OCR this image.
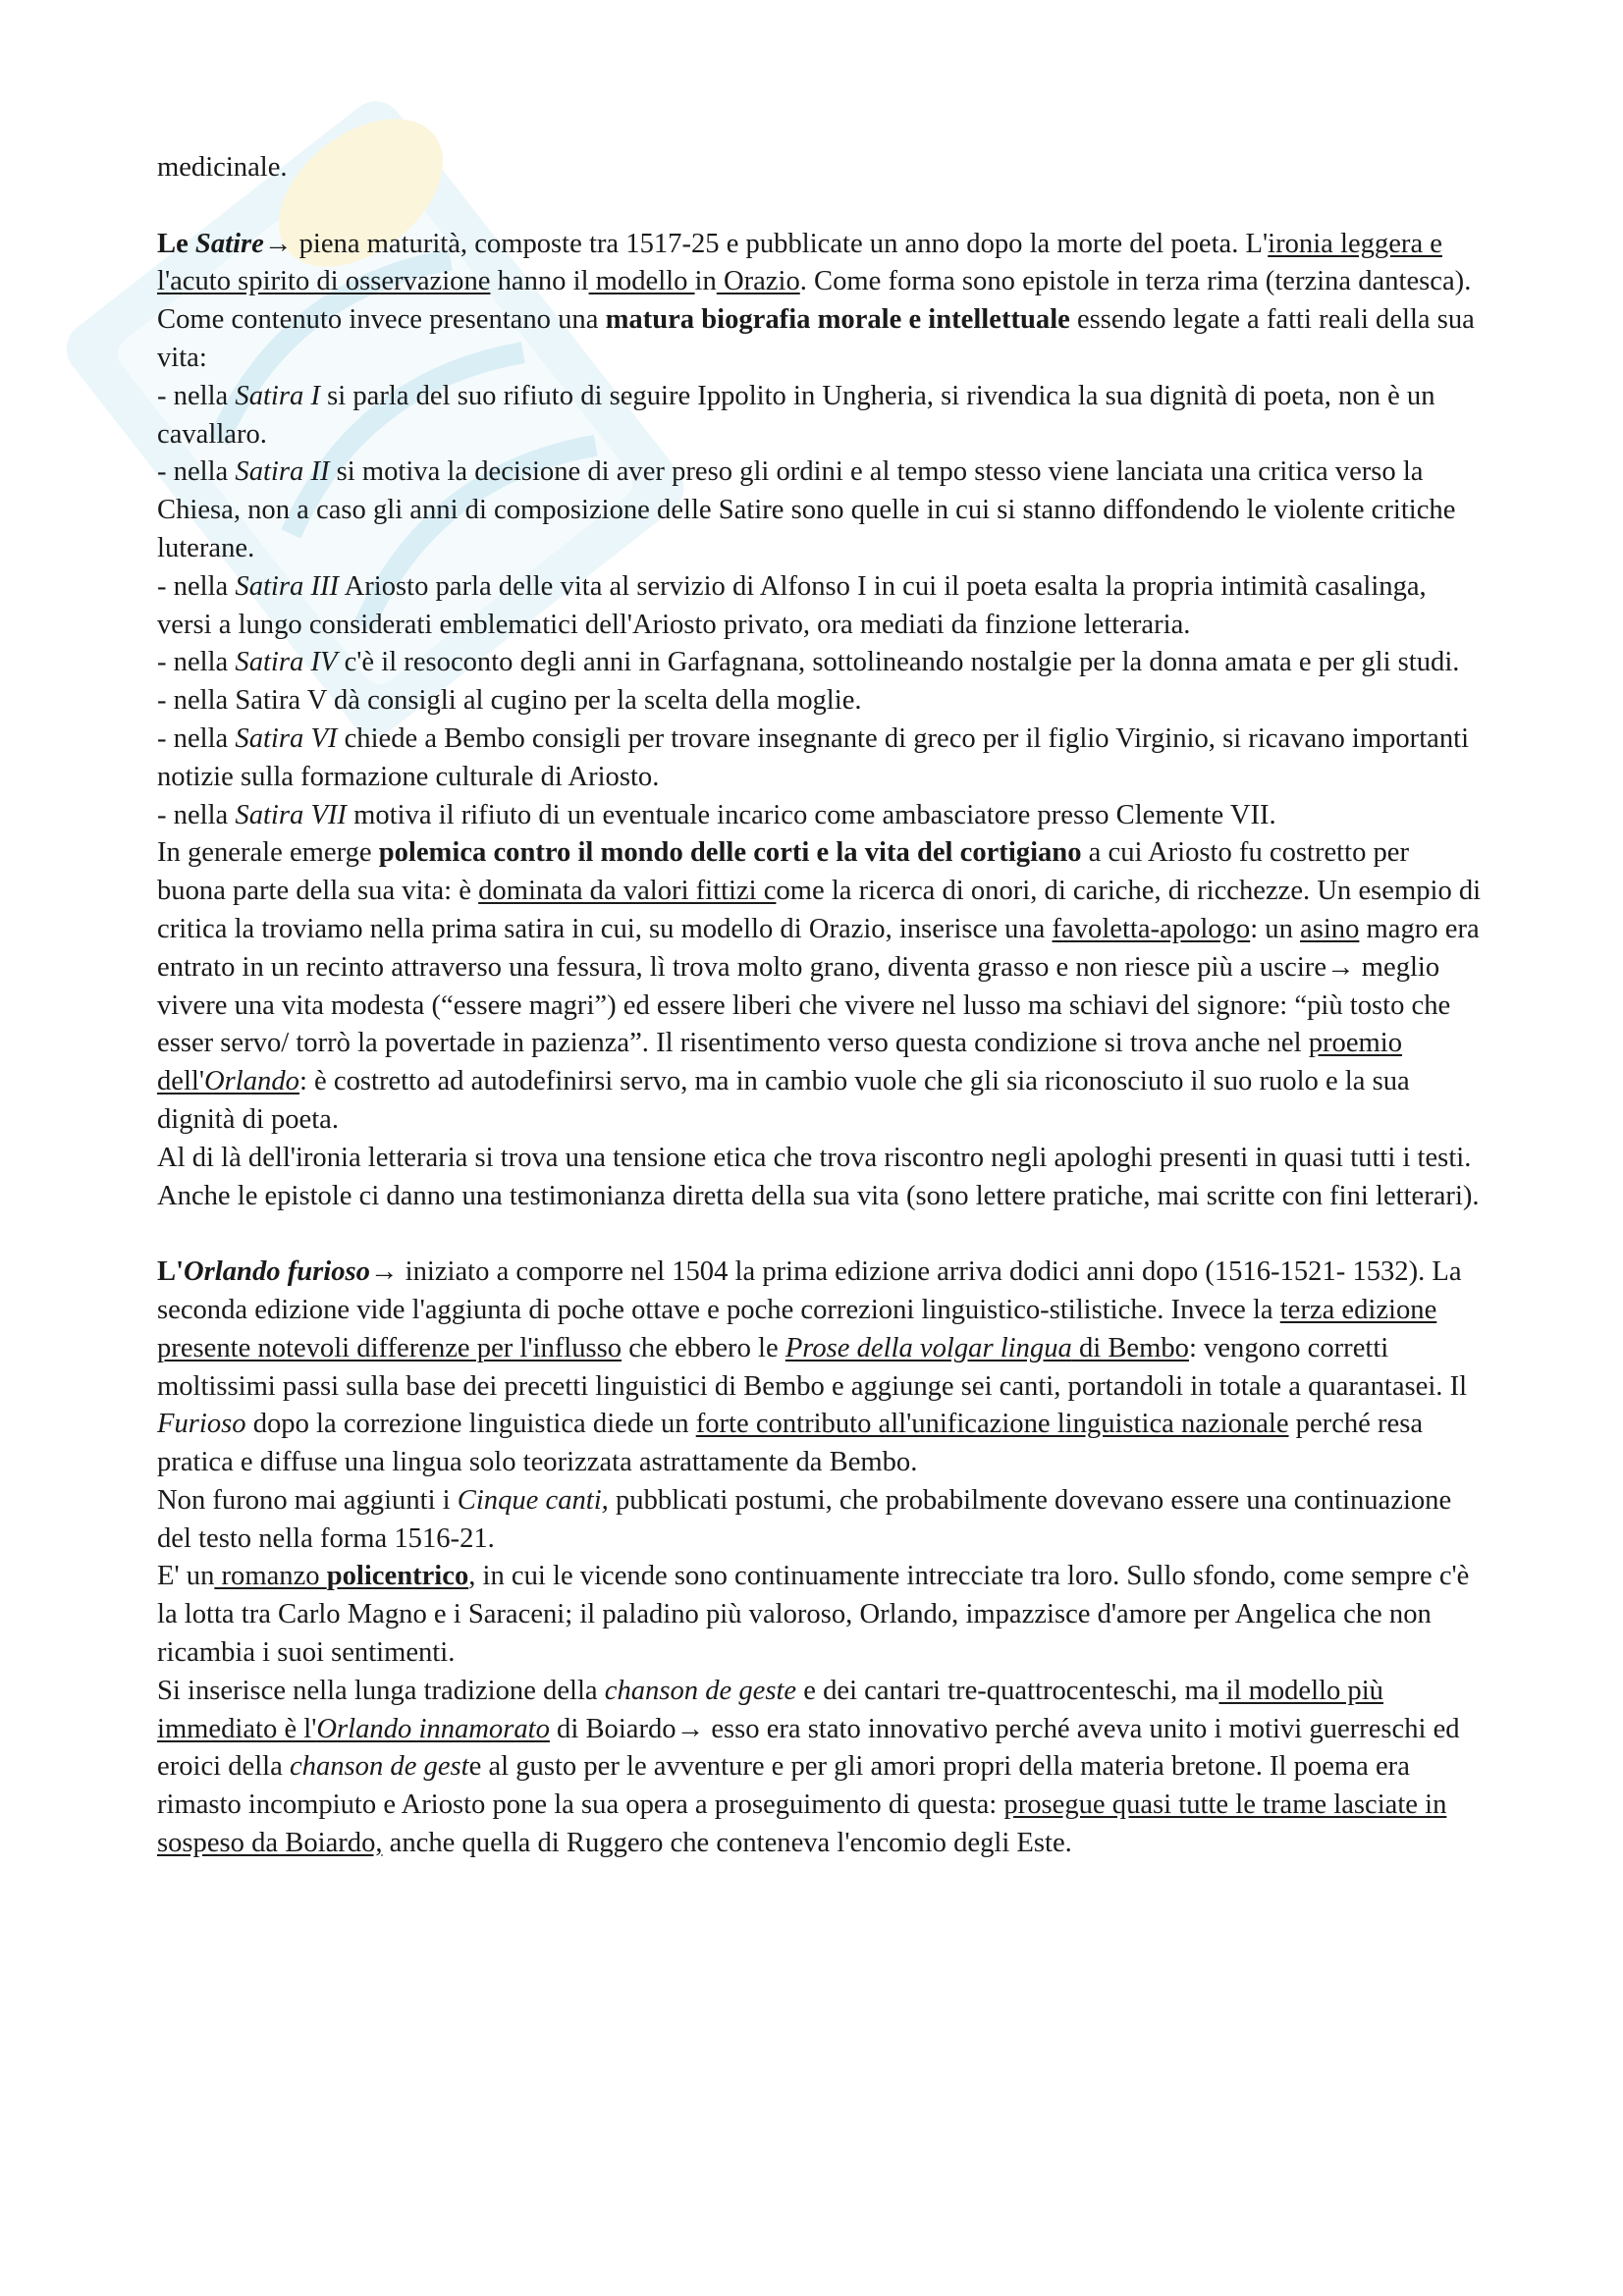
medicinale.

Le Satire→ piena maturità, composte tra 1517-25 e pubblicate un anno dopo la morte del poeta. L'ironia leggera e l'acuto spirito di osservazione hanno il modello in Orazio. Come forma sono epistole in terza rima (terzina dantesca). Come contenuto invece presentano una matura biografia morale e intellettuale essendo legate a fatti reali della sua vita:

- nella Satira I si parla del suo rifiuto di seguire Ippolito in Ungheria, si rivendica la sua dignità di poeta, non è un cavallaro.

- nella Satira II si motiva la decisione di aver preso gli ordini e al tempo stesso viene lanciata una critica verso la Chiesa, non a caso gli anni di composizione delle Satire sono quelle in cui si stanno diffondendo le violente critiche luterane.

- nella Satira III Ariosto parla delle vita al servizio di Alfonso I in cui il poeta esalta la propria intimità casalinga, versi a lungo considerati emblematici dell'Ariosto privato, ora mediati da finzione letteraria.

- nella Satira IV c'è il resoconto degli anni in Garfagnana, sottolineando nostalgie per la donna amata e per gli studi.

- nella Satira V dà consigli al cugino per la scelta della moglie.

- nella Satira VI chiede a Bembo consigli per trovare insegnante di greco per il figlio Virginio, si ricavano importanti notizie sulla formazione culturale di Ariosto.

- nella Satira VII motiva il rifiuto di un eventuale incarico come ambasciatore presso Clemente VII.

In generale emerge polemica contro il mondo delle corti e la vita del cortigiano a cui Ariosto fu costretto per buona parte della sua vita: è dominata da valori fittizi come la ricerca di onori, di cariche, di ricchezze. Un esempio di critica la troviamo nella prima satira in cui, su modello di Orazio, inserisce una favoletta-apologo: un asino magro era entrato in un recinto attraverso una fessura, lì trova molto grano, diventa grasso e non riesce più a uscire→ meglio vivere una vita modesta (“essere magri”) ed essere liberi che vivere nel lusso ma schiavi del signore: “più tosto che esser servo/ torrò la povertade in pazienza”. Il risentimento verso questa condizione si trova anche nel proemio dell'Orlando: è costretto ad autodefinirsi servo, ma in cambio vuole che gli sia riconosciuto il suo ruolo e la sua dignità di poeta.

Al di là dell'ironia letteraria si trova una tensione etica che trova riscontro negli apologhi presenti in quasi tutti i testi.

Anche le epistole ci danno una testimonianza diretta della sua vita (sono lettere pratiche, mai scritte con fini letterari).

L'Orlando furioso→ iniziato a comporre nel 1504 la prima edizione arriva dodici anni dopo (1516-1521- 1532). La seconda edizione vide l'aggiunta di poche ottave e poche correzioni linguistico-stilistiche. Invece la terza edizione presente notevoli differenze per l'influsso che ebbero le Prose della volgar lingua di Bembo: vengono corretti moltissimi passi sulla base dei precetti linguistici di Bembo e aggiunge sei canti, portandoli in totale a quarantasei. Il Furioso dopo la correzione linguistica diede un forte contributo all'unificazione linguistica nazionale perché resa pratica e diffuse una lingua solo teorizzata astrattamente da Bembo.

Non furono mai aggiunti i Cinque canti, pubblicati postumi, che probabilmente dovevano essere una continuazione del testo nella forma 1516-21.

E' un romanzo policentrico, in cui le vicende sono continuamente intrecciate tra loro. Sullo sfondo, come sempre c'è la lotta tra Carlo Magno e i Saraceni; il paladino più valoroso, Orlando, impazzisce d'amore per Angelica che non ricambia i suoi sentimenti.

Si inserisce nella lunga tradizione della chanson de geste e dei cantari tre-quattrocenteschi, ma il modello più immediato è l'Orlando innamorato di Boiardo→ esso era stato innovativo perché aveva unito i motivi guerreschi ed eroici della chanson de geste al gusto per le avventure e per gli amori propri della materia bretone. Il poema era rimasto incompiuto e Ariosto pone la sua opera a proseguimento di questa: prosegue quasi tutte le trame lasciate in sospeso da Boiardo, anche quella di Ruggero che conteneva l'encomio degli Este.
